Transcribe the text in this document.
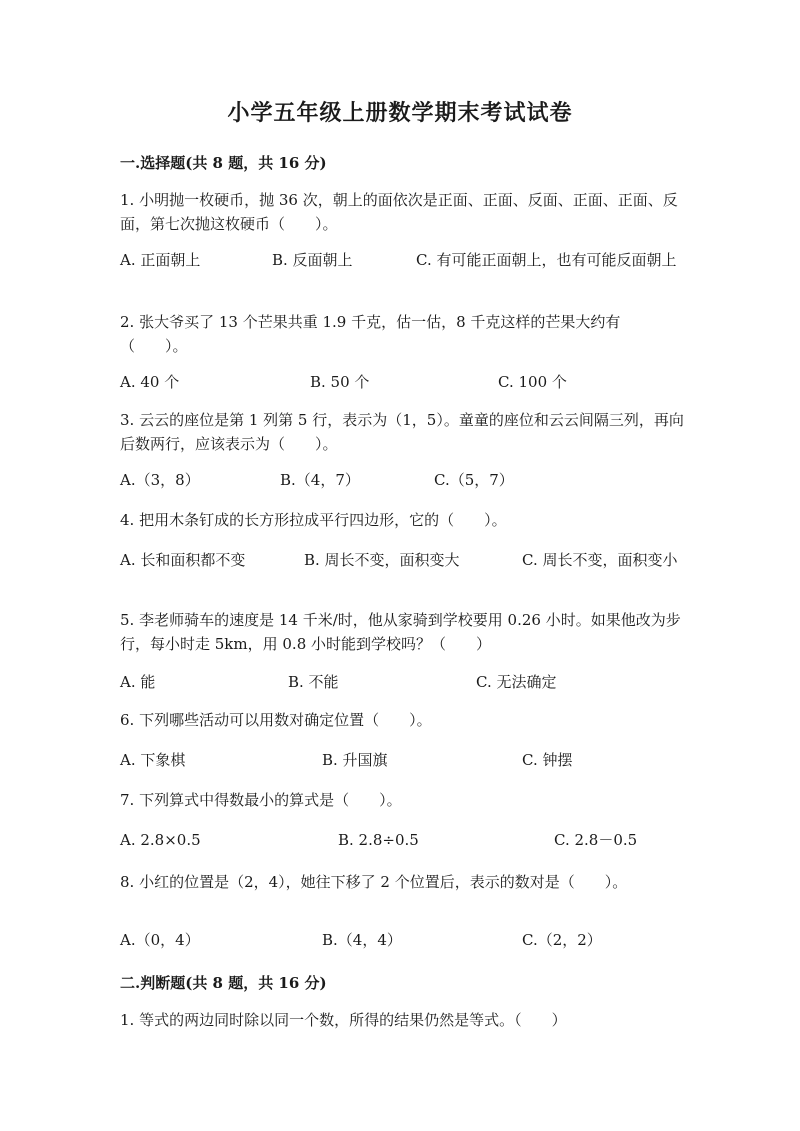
小学五年级上册数学期末考试试卷
一.选择题(共 8 题，共 16 分)
1. 小明抛一枚硬币，抛 36 次，朝上的面依次是正面、正面、反面、正面、正面、反面，第七次抛这枚硬币（　　）。
A. 正面朝上	B. 反面朝上	C. 有可能正面朝上，也有可能反面朝上
2. 张大爷买了 13 个芒果共重 1.9 千克，估一估，8 千克这样的芒果大约有（　　）。
A. 40 个	B. 50 个	C. 100 个
3. 云云的座位是第 1 列第 5 行，表示为（1，5）。童童的座位和云云间隔三列，再向后数两行，应该表示为（　　）。
A.（3，8）	B.（4，7）	C.（5，7）
4. 把用木条钉成的长方形拉成平行四边形，它的（　　）。
A. 长和面积都不变	B. 周长不变，面积变大	C. 周长不变，面积变小
5. 李老师骑车的速度是 14 千米/时，他从家骑到学校要用 0.26 小时。如果他改为步行，每小时走 5km，用 0.8 小时能到学校吗？（　　）
A. 能	B. 不能	C. 无法确定
6. 下列哪些活动可以用数对确定位置（　　）。
A. 下象棋	B. 升国旗	C. 钟摆
7. 下列算式中得数最小的算式是（　　）。
A. 2.8×0.5	B. 2.8÷0.5	C. 2.8－0.5
8. 小红的位置是（2，4），她往下移了 2 个位置后，表示的数对是（　　）。
A.（0，4）	B.（4，4）	C.（2，2）
二.判断题(共 8 题，共 16 分)
1. 等式的两边同时除以同一个数，所得的结果仍然是等式。（　　）
